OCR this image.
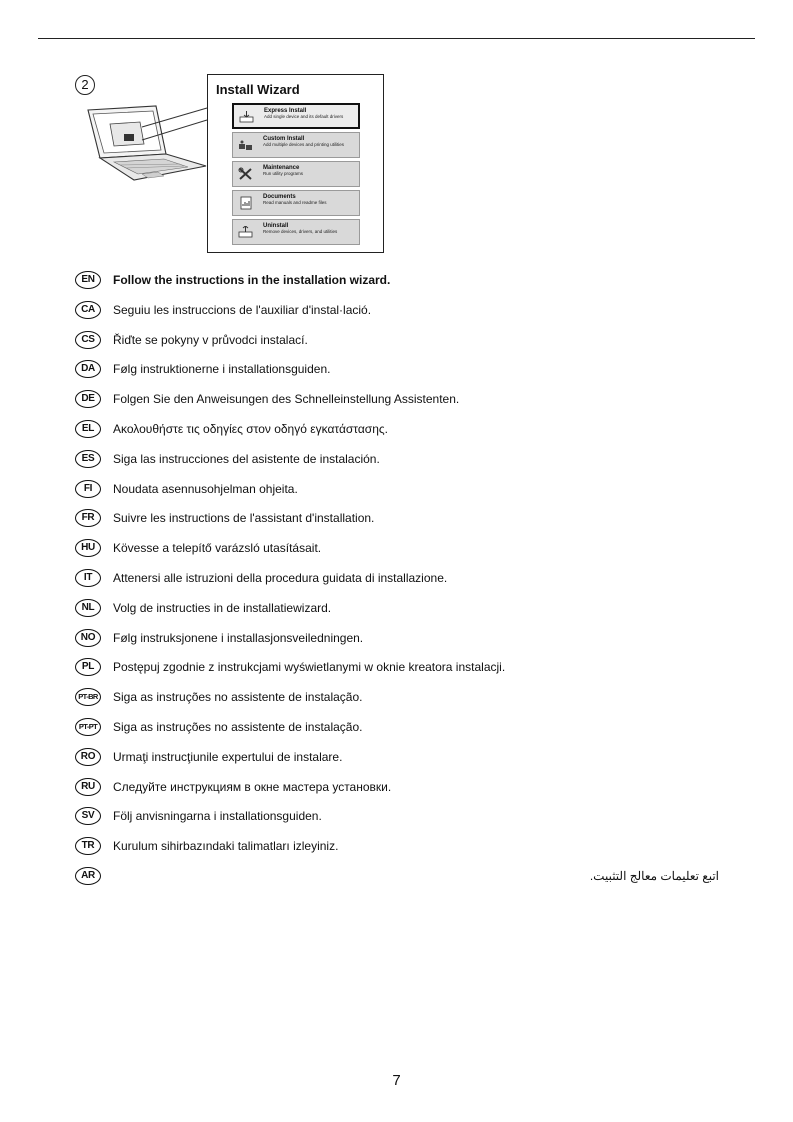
2	Install Wizard
Express Install
Add single device and its default drivers
Custom Install
Add multiple devices and printing utilities
Maintenance
Run utility programs
Documents
Read manuals and readme files
Uninstall
Remove devices, drivers, and utilities
EN	Follow the instructions in the installation wizard.
CA	Seguiu les instruccions de l'auxiliar d'instal·lació.
CS	Řiďte se pokyny v průvodci instalací.
DA	Følg instruktionerne i installationsguiden.
DE	Folgen Sie den Anweisungen des Schnelleinstellung Assistenten.
EL	Ακολουθήστε τις οδηγίες στον οδηγό εγκατάστασης.
ES	Siga las instrucciones del asistente de instalación.
FI	Noudata asennusohjelman ohjeita.
FR	Suivre les instructions de l'assistant d'installation.
HU	Kövesse a telepítő varázsló utasításait.
IT	Attenersi alle istruzioni della procedura guidata di installazione.
NL	Volg de instructies in de installatiewizard.
NO	Følg instruksjonene i installasjonsveiledningen.
PL	Postępuj zgodnie z instrukcjami wyświetlanymi w oknie kreatora instalacji.
PT-BR Siga as instruções no assistente de instalação.
PT-PT	Siga as instruções no assistente de instalação.
RO	Urmaţi instrucţiunile expertului de instalare.
RU	Следуйте инструкциям в окне мастера установки.
SV	Följ anvisningarna i installationsguiden.
TR	Kurulum sihirbazındaki talimatları izleyiniz.
AR	اتبع تعليمات معالج التثبيت.
7
